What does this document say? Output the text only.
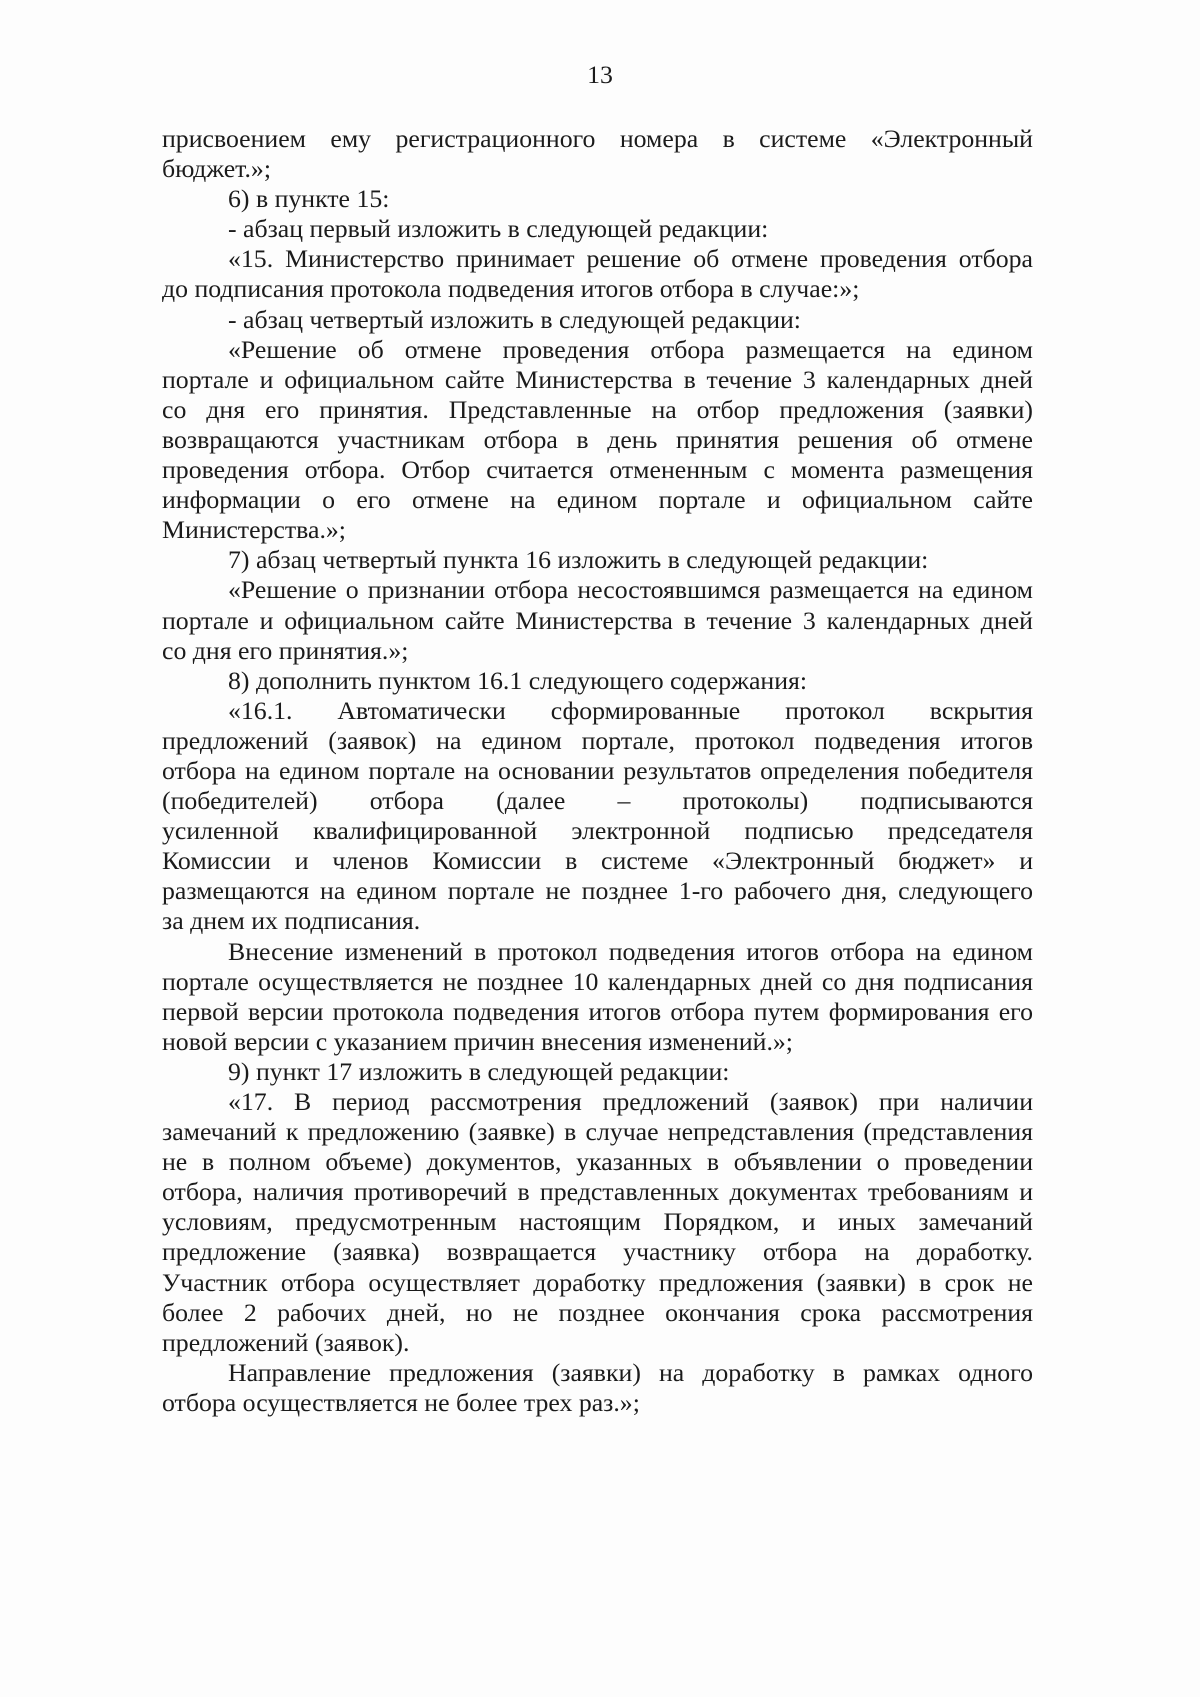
13
присвоением ему регистрационного номера в системе «Электронный
бюджет.»;
6) в пункте 15:
- абзац первый изложить в следующей редакции:
«15. Министерство принимает решение об отмене проведения отбора
до подписания протокола подведения итогов отбора в случае:»;
- абзац четвертый изложить в следующей редакции:
«Решение об отмене проведения отбора размещается на едином
портале и официальном сайте Министерства в течение 3 календарных дней
со дня его принятия. Представленные на отбор предложения (заявки)
возвращаются участникам отбора в день принятия решения об отмене
проведения отбора. Отбор считается отмененным с момента размещения
информации о его отмене на едином портале и официальном сайте
Министерства.»;
7) абзац четвертый пункта 16 изложить в следующей редакции:
«Решение о признании отбора несостоявшимся размещается на едином
портале и официальном сайте Министерства в течение 3 календарных дней
со дня его принятия.»;
8) дополнить пунктом 16.1 следующего содержания:
«16.1. Автоматически сформированные протокол вскрытия
предложений (заявок) на едином портале, протокол подведения итогов
отбора на едином портале на основании результатов определения победителя
(победителей) отбора (далее – протоколы) подписываются
усиленной квалифицированной электронной подписью председателя
Комиссии и членов Комиссии в системе «Электронный бюджет» и
размещаются на едином портале не позднее 1-го рабочего дня, следующего
за днем их подписания.
Внесение изменений в протокол подведения итогов отбора на едином
портале осуществляется не позднее 10 календарных дней со дня подписания
первой версии протокола подведения итогов отбора путем формирования его
новой версии с указанием причин внесения изменений.»;
9) пункт 17 изложить в следующей редакции:
«17. В период рассмотрения предложений (заявок) при наличии
замечаний к предложению (заявке) в случае непредставления (представления
не в полном объеме) документов, указанных в объявлении о проведении
отбора, наличия противоречий в представленных документах требованиям и
условиям, предусмотренным настоящим Порядком, и иных замечаний
предложение (заявка) возвращается участнику отбора на доработку.
Участник отбора осуществляет доработку предложения (заявки) в срок не
более 2 рабочих дней, но не позднее окончания срока рассмотрения
предложений (заявок).
Направление предложения (заявки) на доработку в рамках одного
отбора осуществляется не более трех раз.»;
